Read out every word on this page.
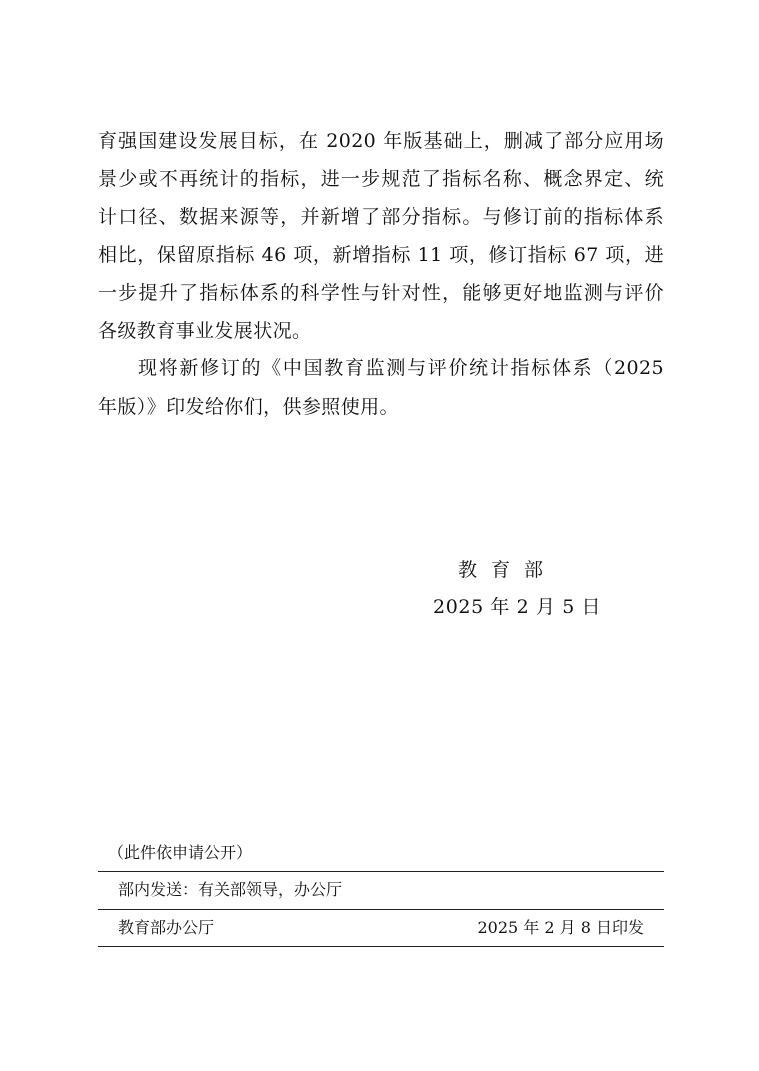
育强国建设发展目标，在 2020 年版基础上，删减了部分应用场
景少或不再统计的指标，进一步规范了指标名称、概念界定、统
计口径、数据来源等，并新增了部分指标。与修订前的指标体系
相比，保留原指标 46 项，新增指标 11 项，修订指标 67 项，进
一步提升了指标体系的科学性与针对性，能够更好地监测与评价
各级教育事业发展状况。
现将新修订的《中国教育监测与评价统计指标体系（2025
年版）》印发给你们，供参照使用。
教育部
2025 年 2 月 5 日
（此件依申请公开）
部内发送：有关部领导，办公厅
教育部办公厅	2025 年 2 月 8 日印发
